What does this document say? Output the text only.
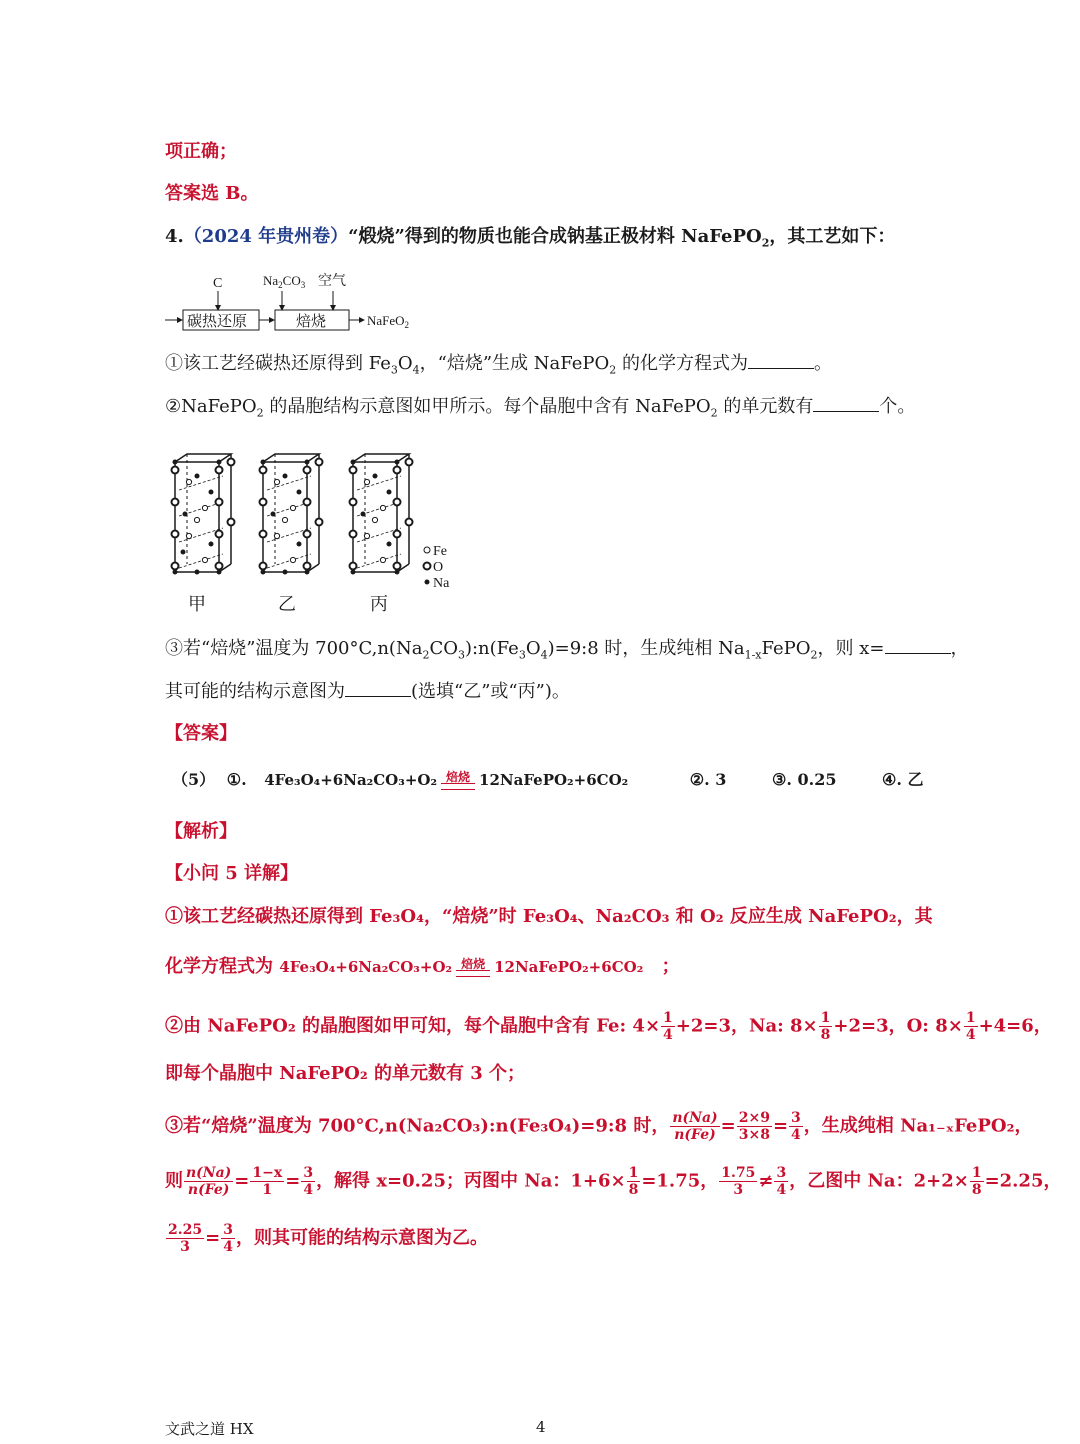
项正确；
答案选 B。
4.（2024 年贵州卷）“煅烧”得到的物质也能合成钠基正极材料 NaFePO$_2$，其工艺如下：
C	$Na_2CO_3$ 空气
碳热还原	焙烧	NaFeO$_2$
①该工艺经碳热还原得到 $Fe_3O_4$，“焙烧”生成 NaFePO$_2$ 的化学方程式为	。
②NaFePO$_2$ 的晶胞结构示意图如甲所示。每个晶胞中含有 NaFePO$_2$ 的单元数有	个。
Fe
O
Na
甲	乙	丙
③若“焙烧”温度为 $700^\circ C,n(Na_2CO_3):n(Fe_3O_4)=9:8$ 时，生成纯相 $Na_{1-x}FePO_2$，则 x=	，
其可能的结构示意图为	(选填“乙”或“丙”)。
【答案】
（5） ①. 4Fe₃O₄+6Na₂CO₃+O₂ 焙烧 12NaFePO₂+6CO₂	②. 3	③. 0.25	④. 乙
【解析】
【小问 5 详解】
①该工艺经碳热还原得到 Fe₃O₄，“焙烧”时 Fe₃O₄、Na₂CO₃ 和 O₂ 反应生成 NaFePO₂，其
化学方程式为 4Fe₃O₄+6Na₂CO₃+O₂ 焙烧 12NaFePO₂+6CO₂ ；
②由 NaFePO₂ 的晶胞图如甲可知，每个晶胞中含有 Fe: $4\times \frac{1}{4} +2=3$，Na: $8\times \frac{1}{8} +2=3$，O: $8\times \frac{1}{4} +4=6$，
即每个晶胞中 NaFePO₂ 的单元数有 3 个；
③若“焙烧”温度为 700°C,n(Na₂CO₃):n(Fe₃O₄)=9:8 时， $\frac{n(Na)}{n(Fe)} = \frac{2\times 9}{3\times 8} = \frac{3}{4}$ ，生成纯相 Na₁₋ₓFePO₂，
则 $\frac{n(Na)}{n(Fe)} = \frac{1-x}{1} = \frac{3}{4}$ ，解得 x=0.25；丙图中 Na：$1+6\times \frac{1}{8} =1.75$， $\frac{1.75}{3} \ne \frac{3}{4}$ ，乙图中 Na：$2+2\times \frac{1}{8} =2.25$，
$\frac{2.25}{3} = \frac{3}{4}$ ，则其可能的结构示意图为乙。
文武之道 HX	4
